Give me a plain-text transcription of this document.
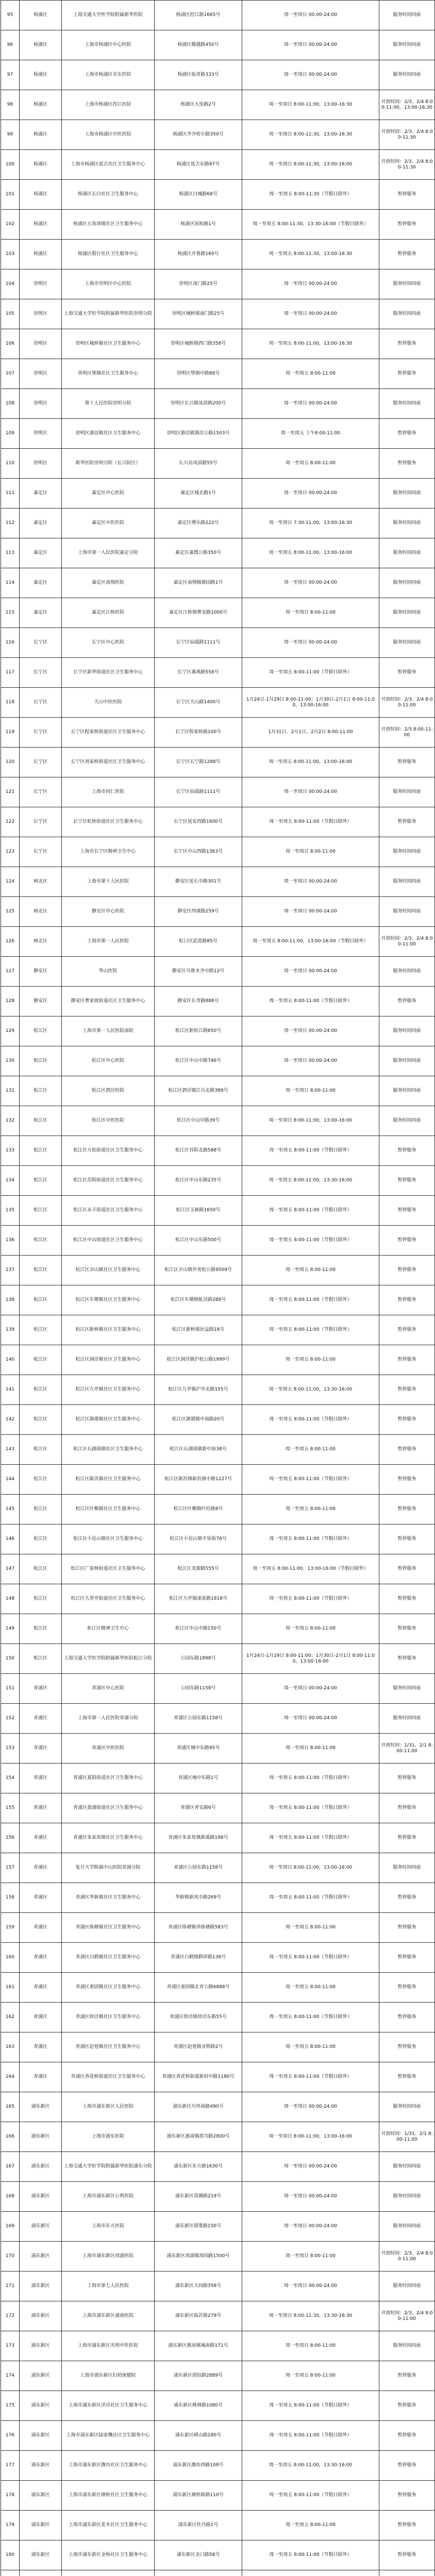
95	杨浦区	上海交通大学医学院附属新华医院	杨浦区控江路1665号	周一至周日 00:00-24:00	服务时间同前
96	杨浦区	上海市杨浦区中心医院	杨浦区腾越路450号	周一至周日 00:00-24:00	服务时间同前
97	杨浦区	上海市杨浦区市东医院	杨浦区临青路333号	周一至周日 00:00-24:00	服务时间同前
98	杨浦区	上海市杨浦区控江医院	杨浦区大连路2号	周一至周日 8:00-11:00，13:00-16:30	开放时间：2/3、2/4 8:00-11:00，13:00-16:30
99	杨浦区	上海市杨浦区中医医院	杨浦区齐齐哈尔路350号	周一至周日 8:00-11:30，13:00-16:30	开放时间：2/3、2/4 8:00-11:30
100	杨浦区	上海市杨浦区延吉社区卫生服务中心	杨浦区延吉东路97号	周一至周日 8:00-11:30，13:00-16:00	开放时间：2/3、2/4 8:00-11:30
101	杨浦区	杨浦区长白社区卫生服务中心	杨浦区白城路68号	周一至周五 8:00-11:30（节假日除外）	暂停服务
102	杨浦区	杨浦区五角场镇社区卫生服务中心	杨浦区国和路1号	周一至周五 8:00-11:30，13:30-16:00（节假日除外）	暂停服务
103	杨浦区	杨浦区殷行社区卫生服务中心	杨浦区开鲁路160号	周一至周五 8:00-11:30，13:00-16:30	暂停服务
104	崇明区	上海市崇明区中心医院	崇明区南门路25号	周一至周日 00:00-24:00	服务时间同前
105	崇明区	上海交通大学医学院附属新华医院崇明分院	崇明区城桥镇南门路25号	周一至周日 00:00-24:00	服务时间同前
106	崇明区	崇明区城桥镇社区卫生服务中心	崇明区城桥镇西门路358号	周一至周五 8:00-11:00，13:00-16:30	暂停服务
107	崇明区	崇明区堡镇社区卫生服务中心	崇明区堡镇中路88号	周一至周五 8:00-11:00	暂停服务
108	崇明区	第十人民医院崇明分院	崇明区长兴镇凤滨路200号	周一至周日 00:00-24:00	服务时间同前
109	崇明区	崇明区港沿镇社区卫生服务中心	崇明区港沿镇港沿公路1503号	周一至周五 上午8:00-11:00	暂停服务
110	崇明区	新华医院崇明分院（长兴院区）	长兴岛凤滨路55号	周一至周五 8:00-11:00	暂停服务
111	嘉定区	嘉定区中心医院	嘉定区城北路1号	周一至周日 00:00-24:00	服务时间同前
112	嘉定区	嘉定区中医医院	嘉定区博乐路222号	周一至周日 7:30-11:00，13:00-16:30	服务时间同前
113	嘉定区	上海市第一人民医院嘉定分院	嘉定区嘉戬公路350号	周一至周五 8:00-11:00，13:00-16:00	服务时间同前
114	嘉定区	嘉定区南翔医院	嘉定区南翔镇德园路1号	周一至周日 00:00-24:00	服务时间同前
115	嘉定区	嘉定区江桥医院	嘉定区江桥镇曹安路1000号	周一至周日 8:00-11:00	服务时间同前
116	长宁区	长宁区中心医院	长宁区仙霞路1111号	周一至周日 00:00-24:00	服务时间同前
117	长宁区	长宁区新华街道社区卫生服务中心	长宁区番禺路558号	周一至周五 8:00-11:00（节假日除外）	暂停服务
118	长宁区	天山中医医院	长宁区天山路1400号	1月24日-1月29日 8:00-11:00；1月30日-2月1日 8:00-11:00，13:00-16:00	开放时间：2/3、2/4 8:00-11:00
119	长宁区	长宁区程家桥街道社区卫生服务中心	长宁区程家桥路100号	1月31日、2月1日、2月2日 8:00-11:00	开放时间：2/3 8:00-11:00
120	长宁区	长宁区周家桥街道社区卫生服务中心	长宁区长宁路1288号	周一至周五 8:00-11:00，13:00-16:00	暂停服务
121	长宁区	上海市同仁医院	长宁区仙霞路1111号	周一至周日 00:00-24:00	服务时间同前
122	长宁区	长宁区虹桥街道社区卫生服务中心	长宁区延安西路1600号	周一至周五 8:00-11:00（节假日除外）	暂停服务
123	长宁区	上海市长宁区精神卫生中心	长宁区中山西路1363号	周一至周日 8:00-11:00	服务时间同前
124	闸北区	上海市第十人民医院	静安区延长中路301号	周一至周日 00:00-24:00	服务时间同前
125	闸北区	静安区中心医院	静安区西康路259号	周一至周日 00:00-24:00	服务时间同前
126	闸北区	上海市第一人民医院	虹口区武进路85号	周一至周五 8:00-11:00，13:00-16:00（节假日除外）	开放时间：2/3、2/4 8:00-11:00
127	静安区	华山医院	静安区乌鲁木齐中路12号	周一至周日 00:00-24:00	服务时间同前
128	静安区	静安区曹家渡街道社区卫生服务中心	静安区长寿路888号	周一至周五 8:00-11:00（节假日除外）	暂停服务
129	松江区	上海市第一人民医院南院	松江区新松江路650号	周一至周日 00:00-24:00	服务时间同前
130	松江区	松江区中心医院	松江区中山中路746号	周一至周日 00:00-24:00	服务时间同前
131	松江区	松江区泗泾医院	松江区泗泾镇江川北路389号	周一至周日 8:00-11:00	服务时间同前
132	松江区	松江区中医医院	松江区中山中路39号	周一至周日 8:00-11:00，13:00-16:00	服务时间同前
133	松江区	松江区方松街道社区卫生服务中心	松江区谷阳北路588号	周一至周五 8:00-11:00（节假日除外）	暂停服务
134	松江区	松江区岳阳街道社区卫生服务中心	松江区中山东路235号	周一至周五 8:00-11:00，13:30-16:00	暂停服务
135	松江区	松江区永丰街道社区卫生服务中心	松江区玉树路1650号	周一至周五 8:00-11:00（节假日除外）	暂停服务
136	松江区	松江区中山街道社区卫生服务中心	松江区中山东路500号	周一至周五 8:00-11:00（节假日除外）	暂停服务
137	松江区	松江区佘山镇社区卫生服务中心	松江区佘山镇外青松公路9509号	周一至周五 8:00-11:00	暂停服务
138	松江区	松江区车墩镇社区卫生服务中心	松江区车墩镇虬泾路288号	周一至周五 8:00-11:00（节假日除外）	暂停服务
139	松江区	松江区新桥镇社区卫生服务中心	松江区新桥镇民益路18号	周一至周五 8:00-11:00（节假日除外）	暂停服务
140	松江区	松江区洞泾镇社区卫生服务中心	松江区洞泾镇沪松公路1999号	周一至周五 8:00-11:00	暂停服务
141	松江区	松江区九亭镇社区卫生服务中心	松江区九亭镇沪亭北路155号	周一至周五 8:00-11:00，13:30-16:00	暂停服务
142	松江区	松江区泖港镇社区卫生服务中心	松江区泖港镇中南路20号	周一至周五 8:00-11:00（节假日除外）	暂停服务
143	松江区	松江区石湖荡镇社区卫生服务中心	松江区石湖荡镇新中街38号	周一至周五 8:00-11:00	暂停服务
144	松江区	松江区新浜镇社区卫生服务中心	松江区新浜镇新浜镇中路1227号	周一至周五 8:00-11:00（节假日除外）	暂停服务
145	松江区	松江区叶榭镇社区卫生服务中心	松江区叶榭镇叶旺路8号	周一至周五 8:00-11:00	暂停服务
146	松江区	松江区小昆山镇社区卫生服务中心	松江区小昆山镇平原街78号	周一至周五 8:00-11:00（节假日除外）	暂停服务
147	松江区	松江区广富林街道社区卫生服务中心	松江区龙源路555号	周一至周五 8:00-11:00，13:00-16:00（节假日除外）	暂停服务
148	松江区	松江区九里亭街道社区卫生服务中心	松江区九亭镇涞寅路1818号	周一至周五 8:00-11:00（节假日除外）	暂停服务
149	松江区	松江区精神卫生中心	松江区中山中路150号	周一至周五 8:00-11:00	暂停服务
150	松江区	上海交通大学医学院附属新华医院松江分院	公园东路1898号	1月24日-1月29日 8:00-11:00；1月30日-2月1日 8:00-11:00，13:00-16:00	暂停服务
151	青浦区	青浦区中心医院	公园东路1158号	周一至周日 00:00-24:00	服务时间同前
152	青浦区	上海市第一人民医院青浦分院	青浦区公园东路1158号	周一至周日 00:00-24:00	服务时间同前
153	青浦区	青浦区中医医院	青浦区城中东路95号	周一至周日 8:00-11:00	开放时间：1/31、2/1 8:00-11:00
154	青浦区	青浦区夏阳街道社区卫生服务中心	青浦区城中东路1号	周一至周五 8:00-11:00（节假日除外）	暂停服务
155	青浦区	青浦区盈浦街道社区卫生服务中心	青浦区青安路6号	周一至周五 8:00-11:00（节假日除外）	暂停服务
156	青浦区	青浦区朱家角镇社区卫生服务中心	青浦区朱家角镇新溪路198号	周一至周五 8:00-11:00（节假日除外）	暂停服务
157	青浦区	复旦大学附属中山医院青浦分院	青浦区公园东路1158号	周一至周日 8:00-11:00，13:00-16:00	服务时间同前
158	青浦区	青浦区华新镇社区卫生服务中心	华新镇新凤中路269号	周一至周五 8:00-11:00（节假日除外）	暂停服务
159	青浦区	青浦区练塘镇社区卫生服务中心	青浦区练塘镇章练塘路583号	周一至周五 8:00-11:00	暂停服务
160	青浦区	青浦区白鹤镇社区卫生服务中心	青浦区白鹤镇鹤祥路138号	周一至周五 8:00-11:00（节假日除外）	暂停服务
161	青浦区	青浦区重固镇社区卫生服务中心	青浦区重固镇北青公路6888号	周一至周五 8:00-11:00	暂停服务
162	青浦区	青浦区徐泾镇社区卫生服务中心	青浦区徐泾镇徐泾东路55号	周一至周五 8:00-11:00（节假日除外）	暂停服务
163	青浦区	青浦区赵巷镇社区卫生服务中心	青浦区赵巷镇业辉路2号	周一至周五 8:00-11:00	暂停服务
164	青浦区	青浦区香花桥街道社区卫生服务中心	青浦区香花桥街道新府中路1180号	周一至周五 8:00-11:00（节假日除外）	暂停服务
165	浦东新区	上海市浦东新区人民医院	浦东新区川环南路490号	周一至周日 00:00-24:00	服务时间同前
166	浦东新区	上海市浦东医院	浦东新区惠南镇拱为路2800号	周一至周日 8:00-11:00，13:00-16:00	开放时间：1/31、2/1 8:00-11:00
167	浦东新区	上海交通大学医学院附属新华医院浦东分院	浦东新区东方路1630号	周一至周日 00:00-24:00	服务时间同前
168	浦东新区	上海市浦东新区公利医院	浦东新区苗圃路219号	周一至周日 00:00-24:00	服务时间同前
169	浦东新区	上海市东方医院	浦东新区即墨路150号	周一至周日 00:00-24:00	服务时间同前
170	浦东新区	上海市浦东新区周浦医院	浦东新区周浦镇周园路1500号	周一至周日 8:00-11:00	开放时间：2/3、2/4 8:00-11:00
171	浦东新区	上海市第七人民医院	浦东新区大同路358号	周一至周日 00:00-24:00	服务时间同前
172	浦东新区	上海市浦东新区浦南医院	浦东新区临沂路279号	周一至周日 8:00-11:30，13:30-16:30	开放时间：2/3、2/4 8:00-11:00
173	浦东新区	上海市浦东新区光明中医医院	浦东新区惠南镇城南路171号	周一至周日 8:00-11:00	服务时间同前
174	浦东新区	上海市浦东新区妇幼保健院	浦东新区团结路2889号	周一至周五 8:00-11:00	暂停服务
175	浦东新区	上海市浦东新区洋泾社区卫生服务中心	浦东新区桃林路1080号	周一至周五 8:00-11:00（节假日除外）	暂停服务
176	浦东新区	上海市浦东新区陆家嘴社区卫生服务中心	浦东新区崂山路180号	周一至周五 8:00-11:00（节假日除外）	暂停服务
177	浦东新区	上海市浦东新区潍坊社区卫生服务中心	浦东新区潍坊西路108号	周一至周五 8:00-11:00，13:30-16:00	暂停服务
178	浦东新区	上海市浦东新区塘桥社区卫生服务中心	浦东新区塘桥新路110号	周一至周五 8:00-11:00（节假日除外）	暂停服务
179	浦东新区	上海市浦东新区花木社区卫生服务中心	浦东新区牡丹路1号	周一至周五 8:00-11:00	暂停服务
180	浦东新区	上海市浦东新区金杨社区卫生服务中心	浦东新区金口路58号	周一至周五 8:00-11:00（节假日除外）	暂停服务
